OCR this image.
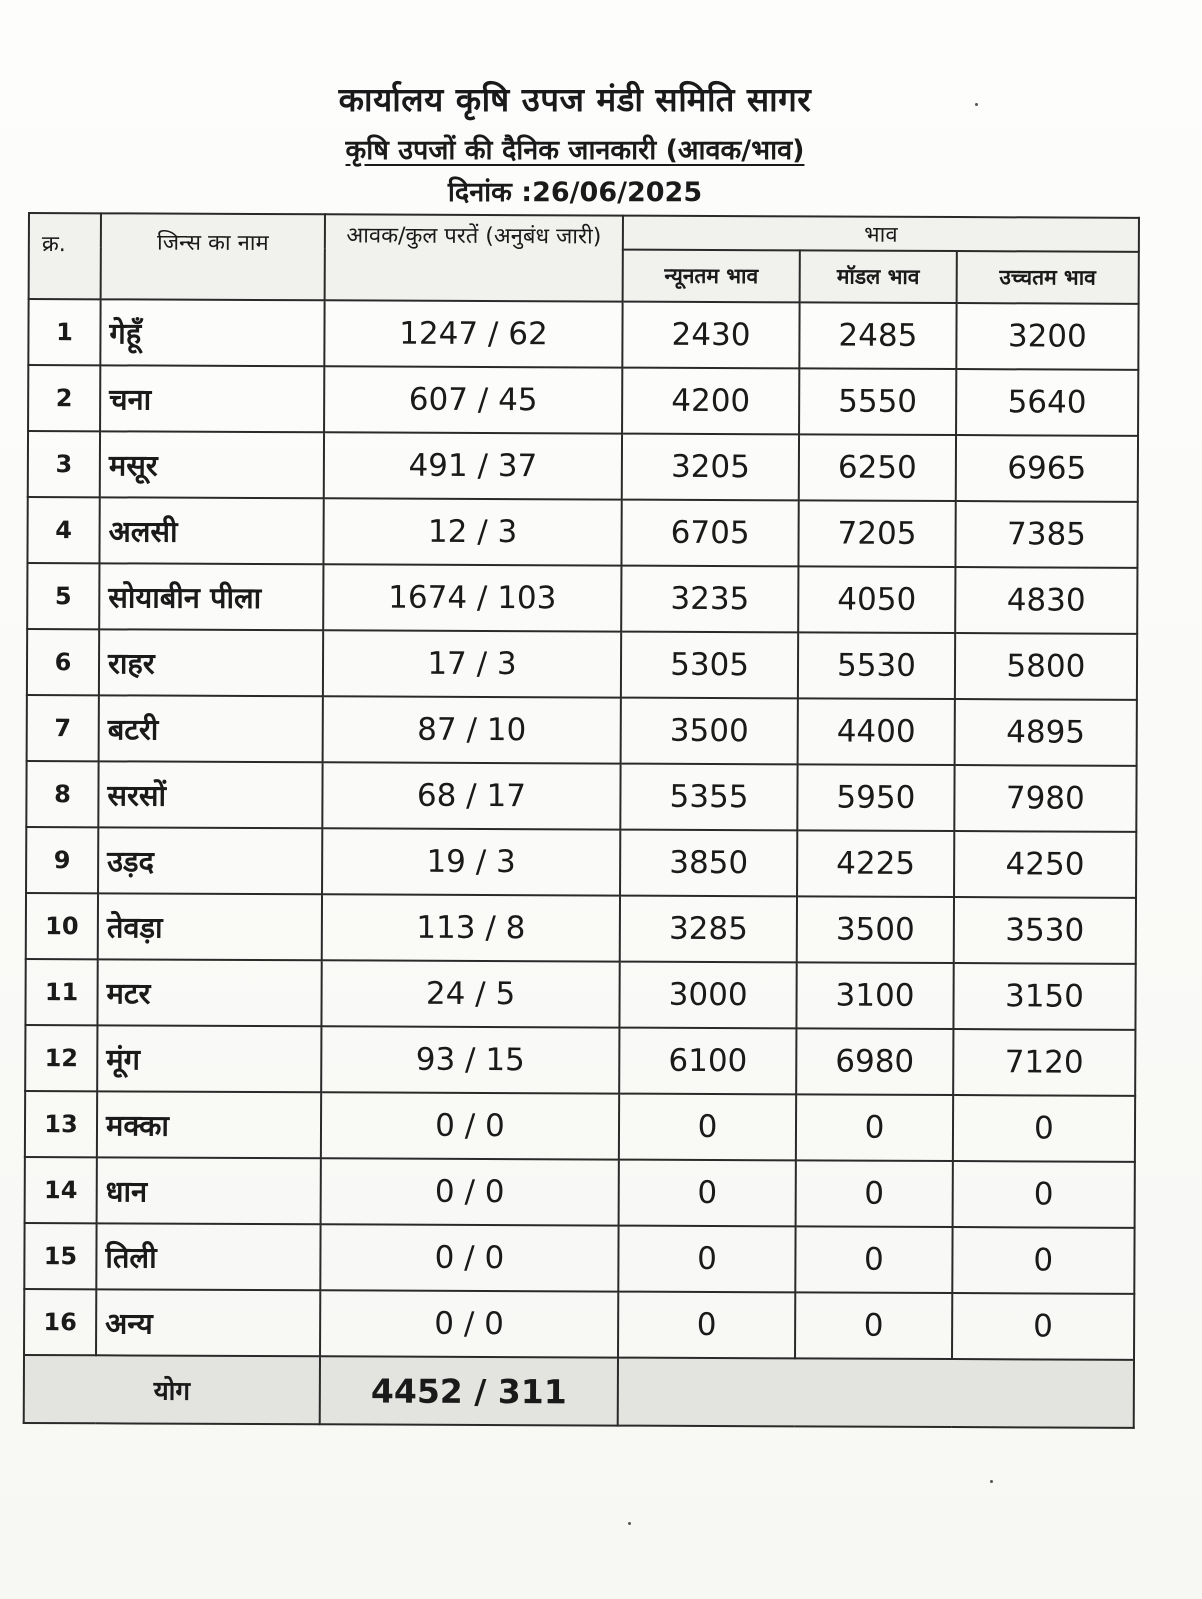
कार्यालय कृषि उपज मंडी समिति सागर
कृषि उपजों की दैनिक जानकारी (आवक/भाव)
दिनांक :26/06/2025
क्र.	जिन्स का नाम	आवक/कुल परतें (अनुबंध जारी)	भाव		
			न्यूनतम भाव	मॉडल भाव	उच्चतम भाव
1	गेहूँ	1247 / 62	2430	2485	3200
2	चना	607 / 45	4200	5550	5640
3	मसूर	491 / 37	3205	6250	6965
4	अलसी	12 / 3	6705	7205	7385
5	सोयाबीन पीला	1674 / 103	3235	4050	4830
6	राहर	17 / 3	5305	5530	5800
7	बटरी	87 / 10	3500	4400	4895
8	सरसों	68 / 17	5355	5950	7980
9	उड़द	19 / 3	3850	4225	4250
10	तेवड़ा	113 / 8	3285	3500	3530
11	मटर	24 / 5	3000	3100	3150
12	मूंग	93 / 15	6100	6980	7120
13	मक्का	0 / 0	0	0	0
14	धान	0 / 0	0	0	0
15	तिली	0 / 0	0	0	0
16	अन्य	0 / 0	0	0	0
योग		4452 / 311			
